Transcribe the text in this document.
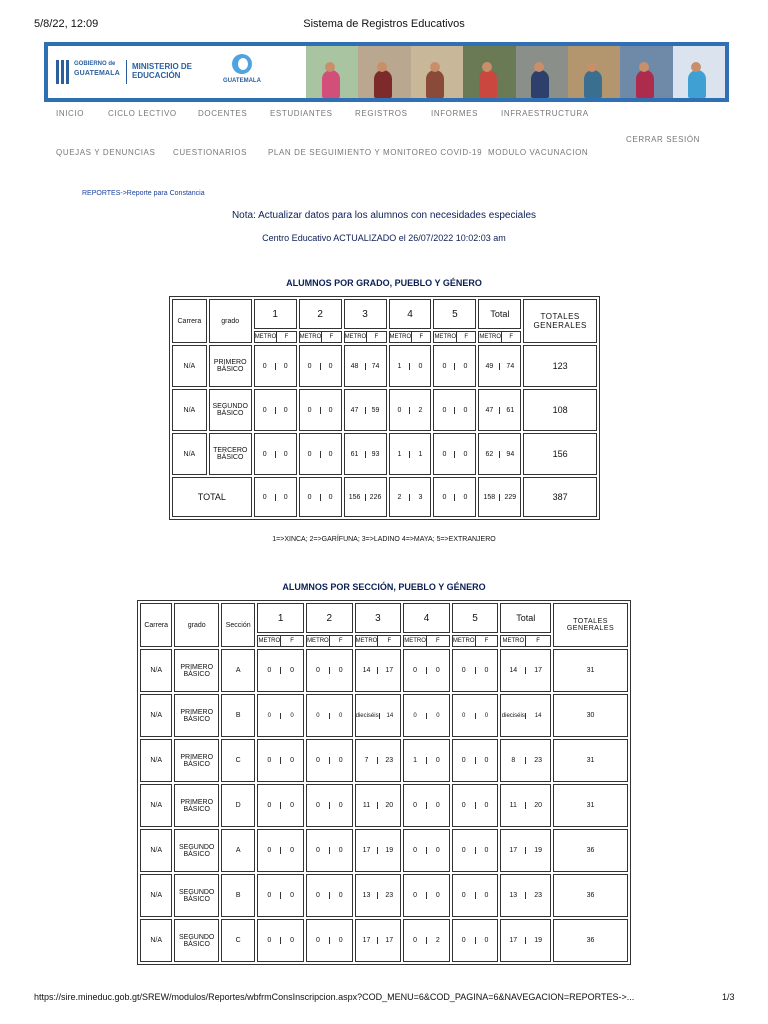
5/8/22, 12:09	Sistema de Registros Educativos
GOBIERNO de
GUATEMALA
MINISTERIO DE
EDUCACIÓN
GUATEMALA
INICIO	CICLO LECTIVO	DOCENTES	ESTUDIANTES	REGISTROS	INFORMES	INFRAESTRUCTURA
CERRAR SESIÓN
QUEJAS Y DENUNCIAS CUESTIONARIOS	PLAN DE SEGUIMIENTO Y MONITOREO COVID-19 MODULO VACUNACION
REPORTES->Reporte para Constancia
Nota: Actualizar datos para los alumnos con necesidades especiales
Centro Educativo ACTUALIZADO el 26/07/2022 10:02:03 am
ALUMNOS POR GRADO, PUEBLO Y GÉNERO
Carrera	grado	1	2	3	4	5	Total	TOTALES GENERALES

METRO F	METRO F	METRO F	METRO F	METRO F	METRO F	

N/A	PRIMERO BÁSICO	0 0	0 0	48 74	1 0	0 0	49 74	123
N/A	SEGUNDO BÁSICO	0 0	0 0	47 59	0 2	0 0	47 61	108
N/A	TERCERO BÁSICO	0 0	0 0	61 93	1 1	0 0	62 94	156
TOTAL		0 0	0 0	156 226	2 3	0 0	158 229	387
1=>XINCA; 2=>GARÍFUNA; 3=>LADINO 4=>MAYA; 5=>EXTRANJERO
ALUMNOS POR SECCIÓN, PUEBLO Y GÉNERO
Carrera	grado	Sección	1	2	3	4	5	Total	TOTALES GENERALES

METRO F	METRO F	METRO F	METRO F	METRO F	METRO F	

N/A	PRIMERO BÁSICO	A	0 0	0 0	14 17	0 0	0 0	14 17	31
N/A	PRIMERO BÁSICO	B	0 0	0 0	dieciséis 14	0 0	0 0	dieciséis 14	30
N/A	PRIMERO BÁSICO	C	0 0	0 0	7 23	1 0	0 0	8 23	31
N/A	PRIMERO BÁSICO	D	0 0	0 0	11 20	0 0	0 0	11 20	31
N/A	SEGUNDO BÁSICO	A	0 0	0 0	17 19	0 0	0 0	17 19	36
N/A	SEGUNDO BÁSICO	B	0 0	0 0	13 23	0 0	0 0	13 23	36
N/A	SEGUNDO BÁSICO	C	0 0	0 0	17 17	0 2	0 0	17 19	36
https://sire.mineduc.gob.gt/SREW/modulos/Reportes/wbfrmConsInscripcion.aspx?COD_MENU=6&COD_PAGINA=6&NAVEGACION=REPORTES->...	1/3
